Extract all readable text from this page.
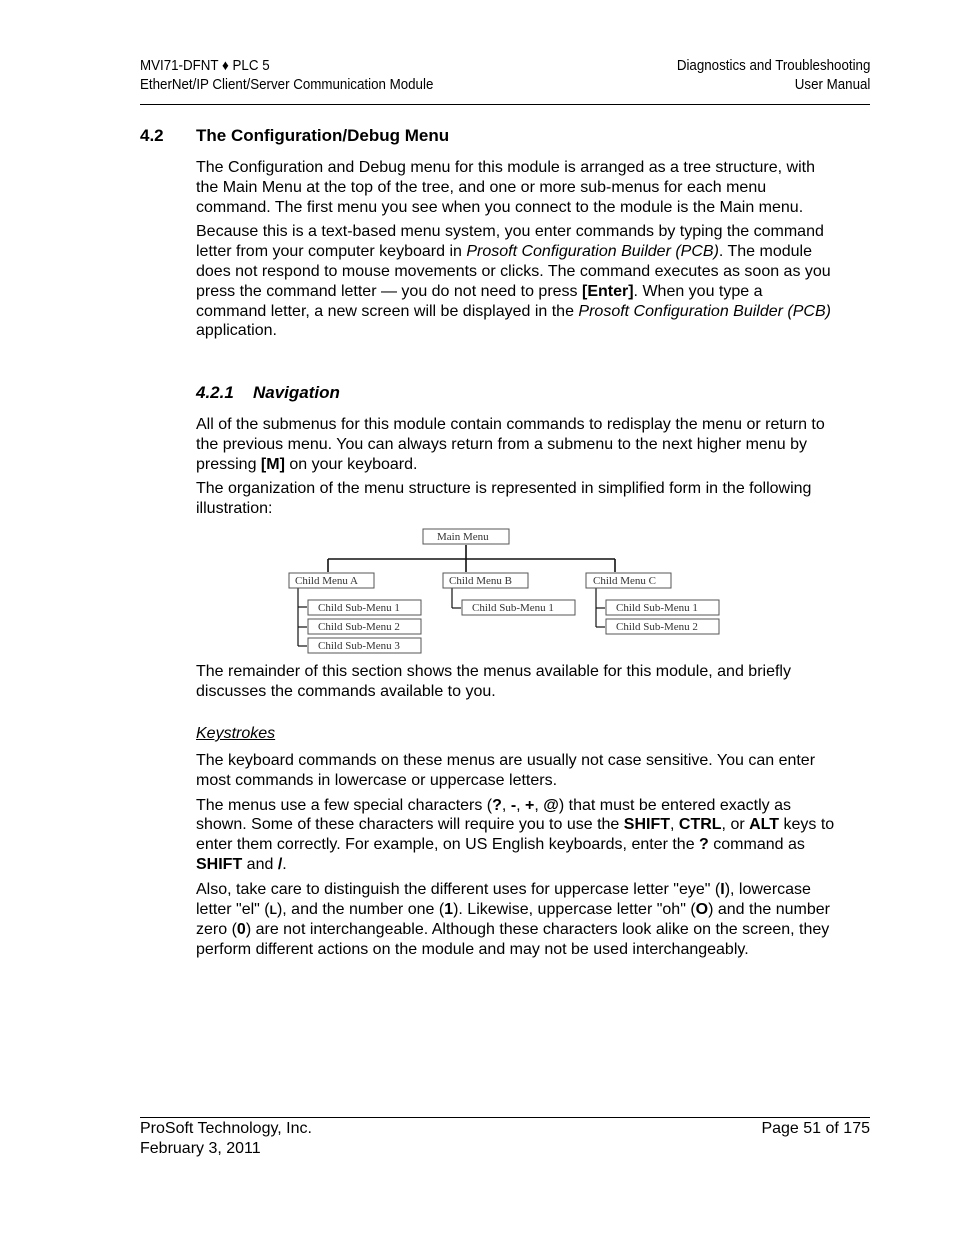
MVI71-DFNT ♦ PLC 5
EtherNet/IP Client/Server Communication Module
Diagnostics and Troubleshooting
User Manual
4.2 The Configuration/Debug Menu

The Configuration and Debug menu for this module is arranged as a tree structure, with the Main Menu at the top of the tree, and one or more sub-menus for each menu command. The first menu you see when you connect to the module is the Main menu.

Because this is a text-based menu system, you enter commands by typing the command letter from your computer keyboard in Prosoft Configuration Builder (PCB). The module does not respond to mouse movements or clicks. The command executes as soon as you press the command letter — you do not need to press [Enter]. When you type a command letter, a new screen will be displayed in the Prosoft Configuration Builder (PCB) application.

4.2.1 Navigation

All of the submenus for this module contain commands to redisplay the menu or return to the previous menu. You can always return from a submenu to the next higher menu by pressing [M] on your keyboard.

The organization of the menu structure is represented in simplified form in the following illustration:

Main Menu
Child Menu A	Child Menu B	Child Menu C
Child Sub-Menu 1
Child Sub-Menu 2
Child Sub-Menu 3
Child Sub-Menu 1	Child Sub-Menu 1
Child Sub-Menu 2

The remainder of this section shows the menus available for this module, and briefly discusses the commands available to you.

Keystrokes

The keyboard commands on these menus are usually not case sensitive. You can enter most commands in lowercase or uppercase letters.

The menus use a few special characters (?, -, +, @) that must be entered exactly as shown. Some of these characters will require you to use the SHIFT, CTRL, or ALT keys to enter them correctly. For example, on US English keyboards, enter the ? command as SHIFT and /.

Also, take care to distinguish the different uses for uppercase letter "eye" (I), lowercase letter "el" (L), and the number one (1). Likewise, uppercase letter "oh" (O) and the number zero (0) are not interchangeable. Although these characters look alike on the screen, they perform different actions on the module and may not be used interchangeably.

ProSoft Technology, Inc.
February 3, 2011
Page 51 of 175
